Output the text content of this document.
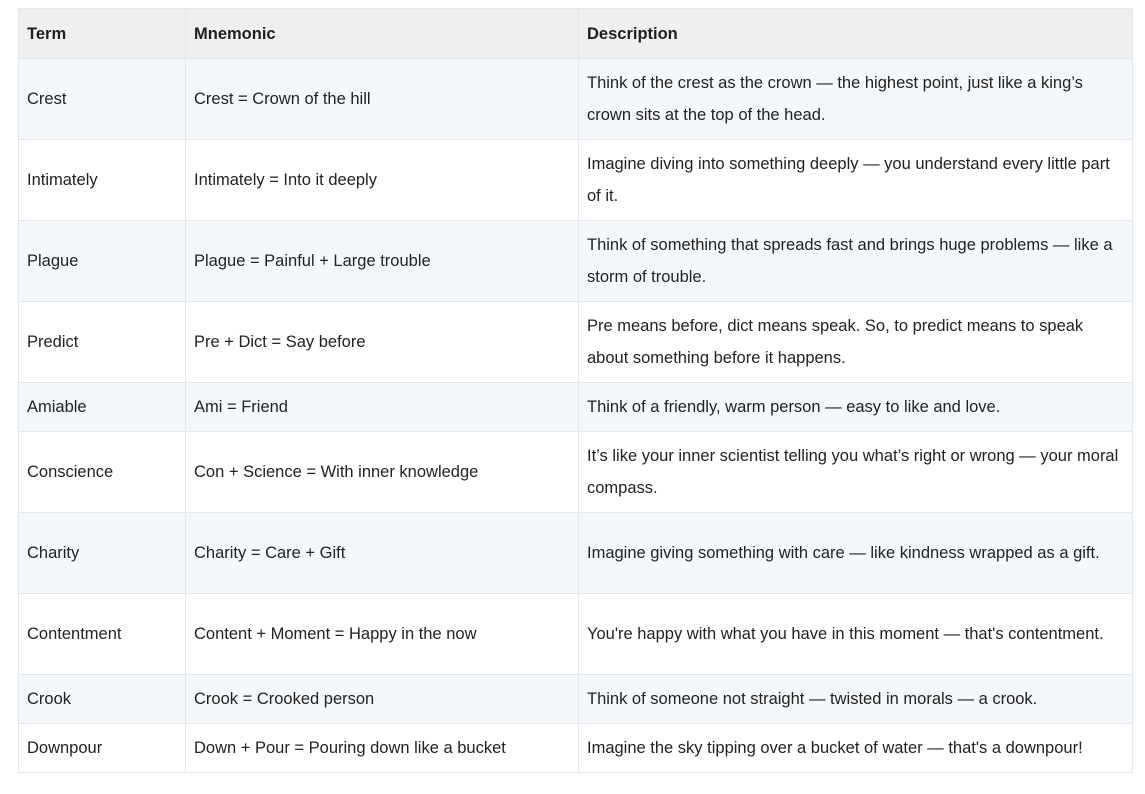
Term	Mnemonic	Description
Crest	Crest = Crown of the hill	Think of the crest as the crown — the highest point, just like a king’s crown sits at the top of the head.
Intimately	Intimately = Into it deeply	Imagine diving into something deeply — you understand every little part of it.
Plague	Plague = Painful + Large trouble	Think of something that spreads fast and brings huge problems — like a storm of trouble.
Predict	Pre + Dict = Say before	Pre means before, dict means speak. So, to predict means to speak about something before it happens.
Amiable	Ami = Friend	Think of a friendly, warm person — easy to like and love.
Conscience	Con + Science = With inner knowledge	It’s like your inner scientist telling you what’s right or wrong — your moral compass.
Charity	Charity = Care + Gift	Imagine giving something with care — like kindness wrapped as a gift.
Contentment	Content + Moment = Happy in the now	You're happy with what you have in this moment — that's contentment.
Crook	Crook = Crooked person	Think of someone not straight — twisted in morals — a crook.
Downpour	Down + Pour = Pouring down like a bucket	Imagine the sky tipping over a bucket of water — that's a downpour!
